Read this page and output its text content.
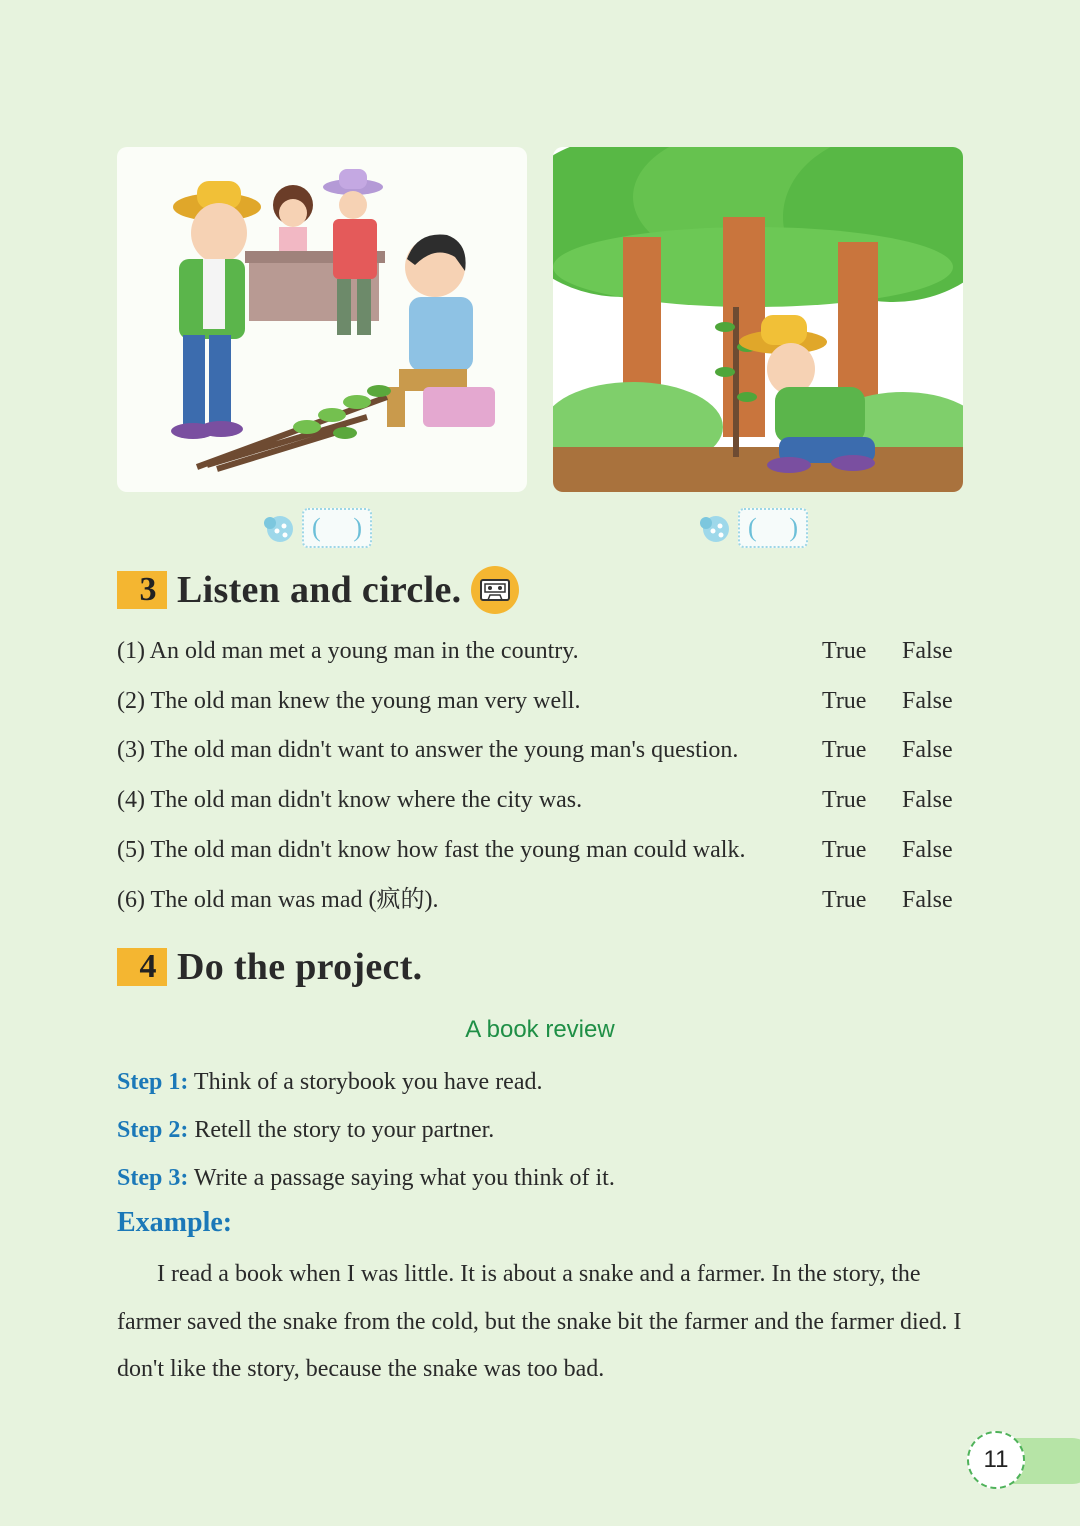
( )	( )
3 Listen and circle.
(1) An old man met a young man in the country.	True False
(2) The old man knew the young man very well.	True False
(3) The old man didn't want to answer the young man's question.	True False
(4) The old man didn't know where the city was.	True False
(5) The old man didn't know how fast the young man could walk.	True False
(6) The old man was mad (疯的).	True False
4 Do the project.
A book review
Step 1: Think of a storybook you have read.
Step 2: Retell the story to your partner.
Step 3: Write a passage saying what you think of it.
Example:
I read a book when I was little. It is about a snake and a farmer. In the story, the farmer saved the snake from the cold, but the snake bit the farmer and the farmer died. I don't like the story, because the snake was too bad.
11
